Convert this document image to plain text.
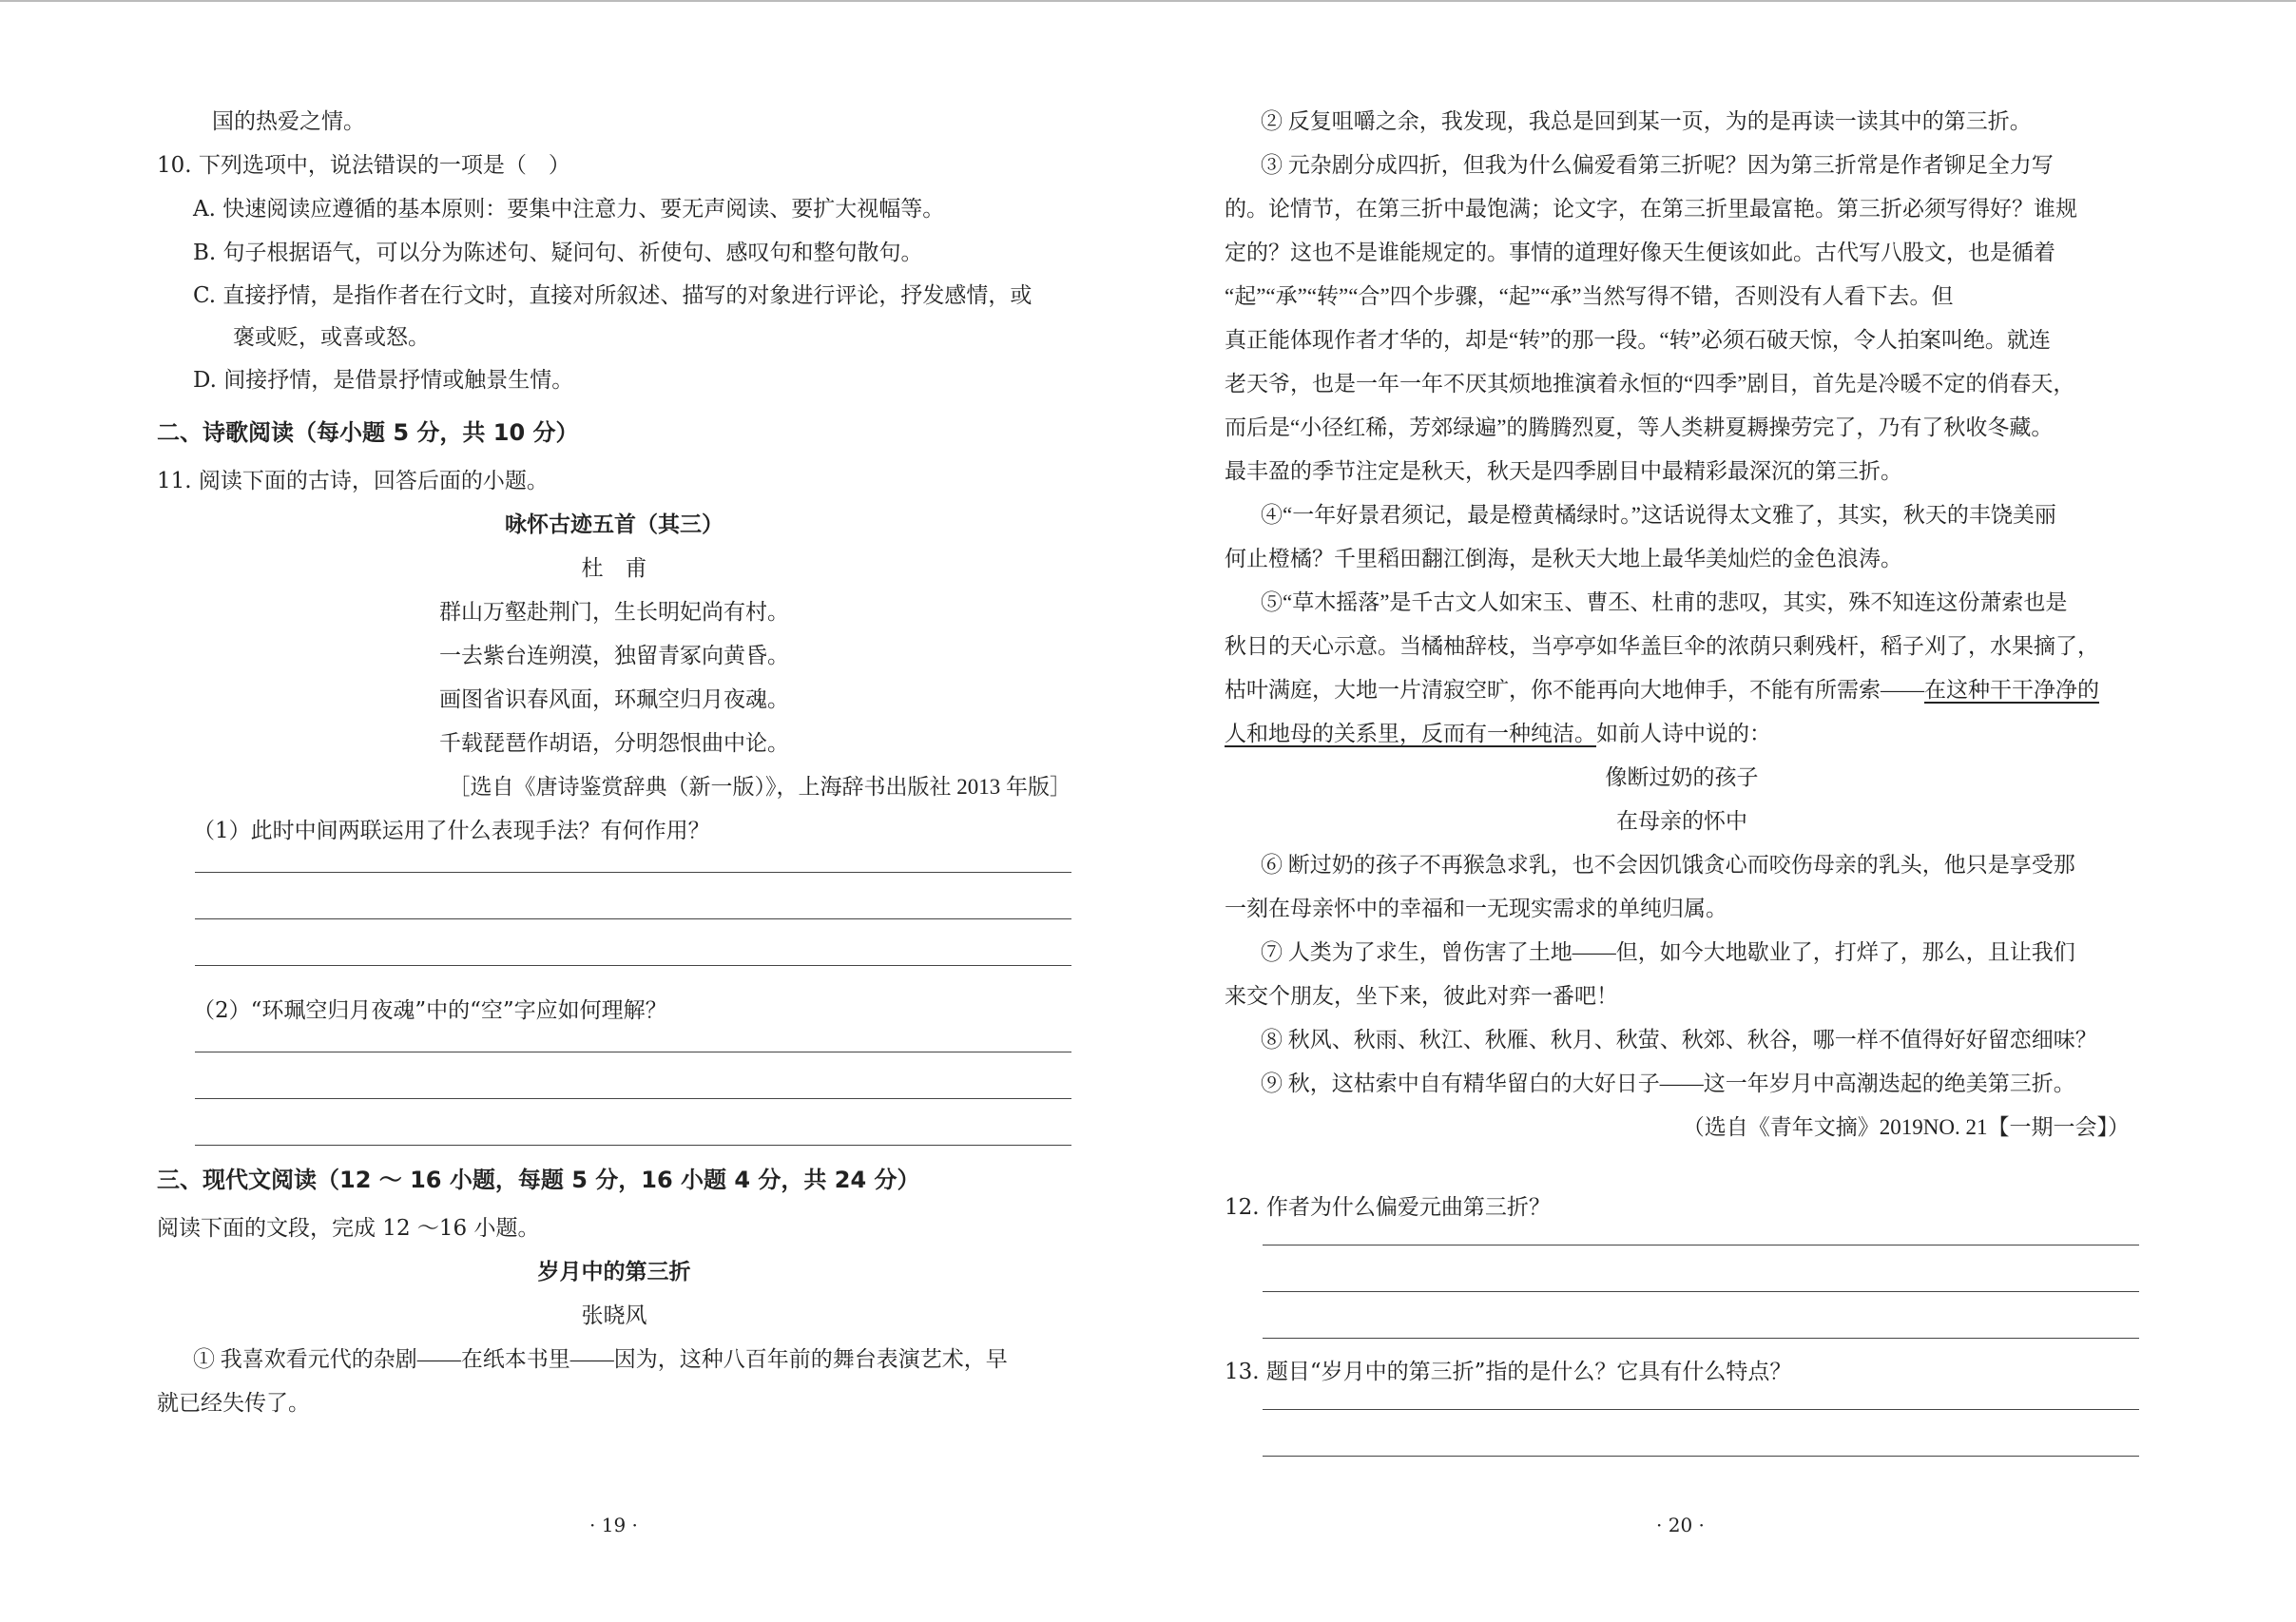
国的热爱之情。

10. 下列选项中，说法错误的一项是（　）

A. 快速阅读应遵循的基本原则：要集中注意力、要无声阅读、要扩大视幅等。

B. 句子根据语气，可以分为陈述句、疑问句、祈使句、感叹句和整句散句。

C. 直接抒情，是指作者在行文时，直接对所叙述、描写的对象进行评论，抒发感情，或

褒或贬，或喜或怒。

D. 间接抒情，是借景抒情或触景生情。

二、诗歌阅读（每小题 5 分，共 10 分）

11. 阅读下面的古诗，回答后面的小题。

咏怀古迹五首（其三）

杜　甫

群山万壑赴荆门，生长明妃尚有村。

一去紫台连朔漠，独留青冢向黄昏。

画图省识春风面，环珮空归月夜魂。

千载琵琶作胡语，分明怨恨曲中论。

［选自《唐诗鉴赏辞典（新一版）》，上海辞书出版社 2013 年版］

（1）此时中间两联运用了什么表现手法？有何作用？

（2）“环珮空归月夜魂”中的“空”字应如何理解？

三、现代文阅读（12 ～ 16 小题，每题 5 分，16 小题 4 分，共 24 分）

阅读下面的文段，完成 12 ～16 小题。

岁月中的第三折

张晓风

① 我喜欢看元代的杂剧——在纸本书里——因为，这种八百年前的舞台表演艺术，早

就已经失传了。

· 19 ·

② 反复咀嚼之余，我发现，我总是回到某一页，为的是再读一读其中的第三折。

③ 元杂剧分成四折，但我为什么偏爱看第三折呢？因为第三折常是作者铆足全力写

的。论情节，在第三折中最饱满；论文字，在第三折里最富艳。第三折必须写得好？谁规

定的？这也不是谁能规定的。事情的道理好像天生便该如此。古代写八股文，也是循着

“起”“承”“转”“合”四个步骤，“起”“承”当然写得不错，否则没有人看下去。但

真正能体现作者才华的，却是“转”的那一段。“转”必须石破天惊，令人拍案叫绝。就连

老天爷，也是一年一年不厌其烦地推演着永恒的“四季”剧目，首先是冷暖不定的俏春天，

而后是“小径红稀，芳郊绿遍”的腾腾烈夏，等人类耕夏耨操劳完了，乃有了秋收冬藏。

最丰盈的季节注定是秋天，秋天是四季剧目中最精彩最深沉的第三折。

④“一年好景君须记，最是橙黄橘绿时。”这话说得太文雅了，其实，秋天的丰饶美丽

何止橙橘？千里稻田翻江倒海，是秋天大地上最华美灿烂的金色浪涛。

⑤“草木摇落”是千古文人如宋玉、曹丕、杜甫的悲叹，其实，殊不知连这份萧索也是

秋日的天心示意。当橘柚辞枝，当亭亭如华盖巨伞的浓荫只剩残杆，稻子刈了，水果摘了，

枯叶满庭，大地一片清寂空旷，你不能再向大地伸手，不能有所需索——在这种干干净净的

人和地母的关系里，反而有一种纯洁。如前人诗中说的：

像断过奶的孩子

在母亲的怀中

⑥ 断过奶的孩子不再猴急求乳，也不会因饥饿贪心而咬伤母亲的乳头，他只是享受那

一刻在母亲怀中的幸福和一无现实需求的单纯归属。

⑦ 人类为了求生，曾伤害了土地——但，如今大地歇业了，打烊了，那么，且让我们

来交个朋友，坐下来，彼此对弈一番吧！

⑧ 秋风、秋雨、秋江、秋雁、秋月、秋萤、秋郊、秋谷，哪一样不值得好好留恋细味？

⑨ 秋，这枯索中自有精华留白的大好日子——这一年岁月中高潮迭起的绝美第三折。

（选自《青年文摘》2019NO. 21【一期一会】）

12. 作者为什么偏爱元曲第三折？

13. 题目“岁月中的第三折”指的是什么？它具有什么特点？

· 20 ·
